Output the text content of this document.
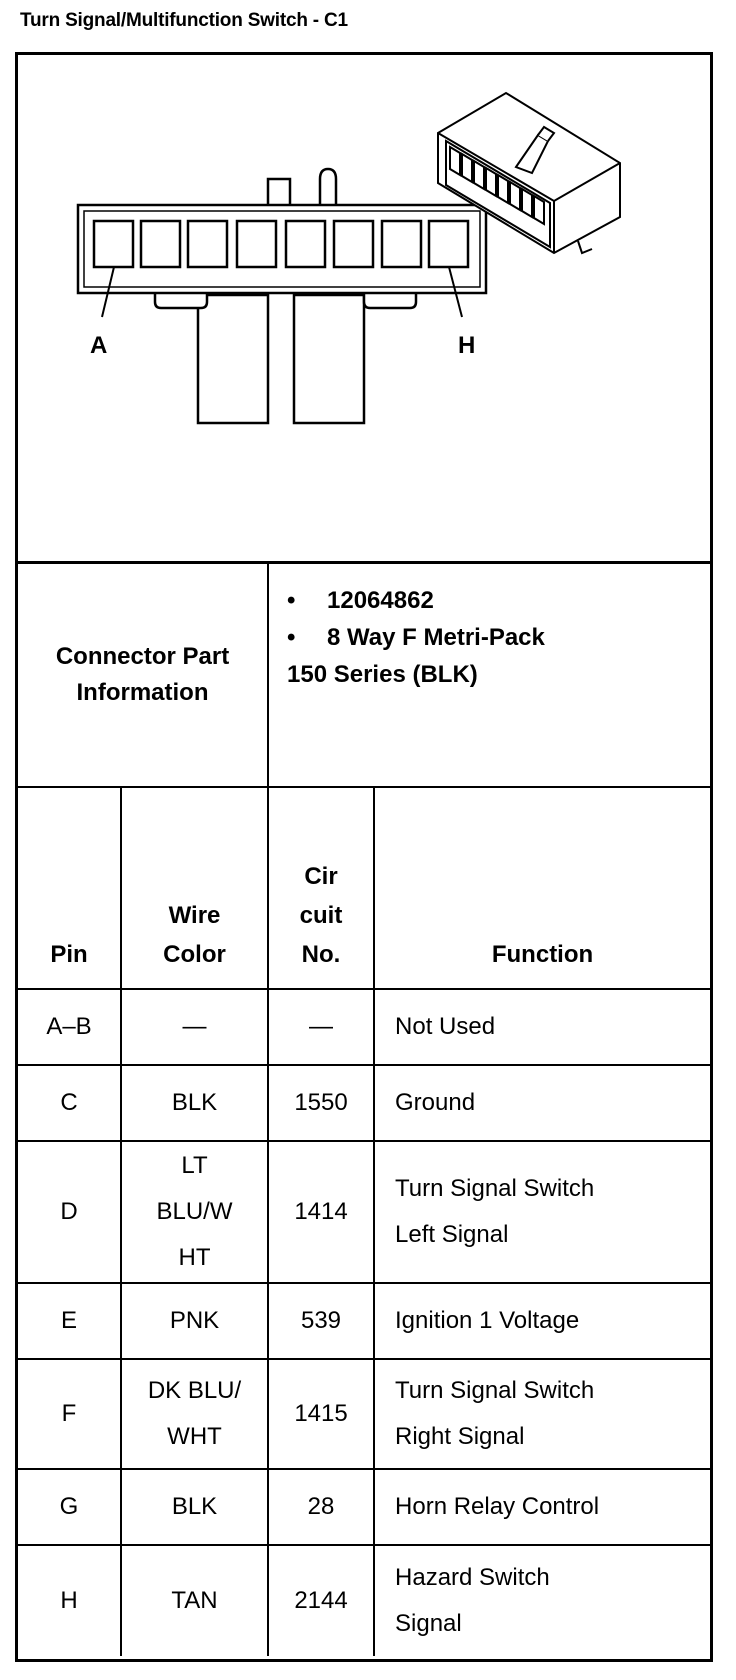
Turn Signal/Multifunction Switch - C1
A	H
Connector Part Information		• 12064862
• 8 Way F Metri-Pack
150 Series (BLK)	

Pin	Wire Color	Cir cuit No.	Function
A–B	—	—	Not Used
C	BLK	1550	Ground
D	LT BLU/W HT	1414	Turn Signal Switch Left Signal

E	PNK	539	Ignition 1 Voltage
F	DK BLU/ WHT	1415	Turn Signal Switch Right Signal

G	BLK	28	Horn Relay Control
H	TAN	2144	Hazard Switch Signal
